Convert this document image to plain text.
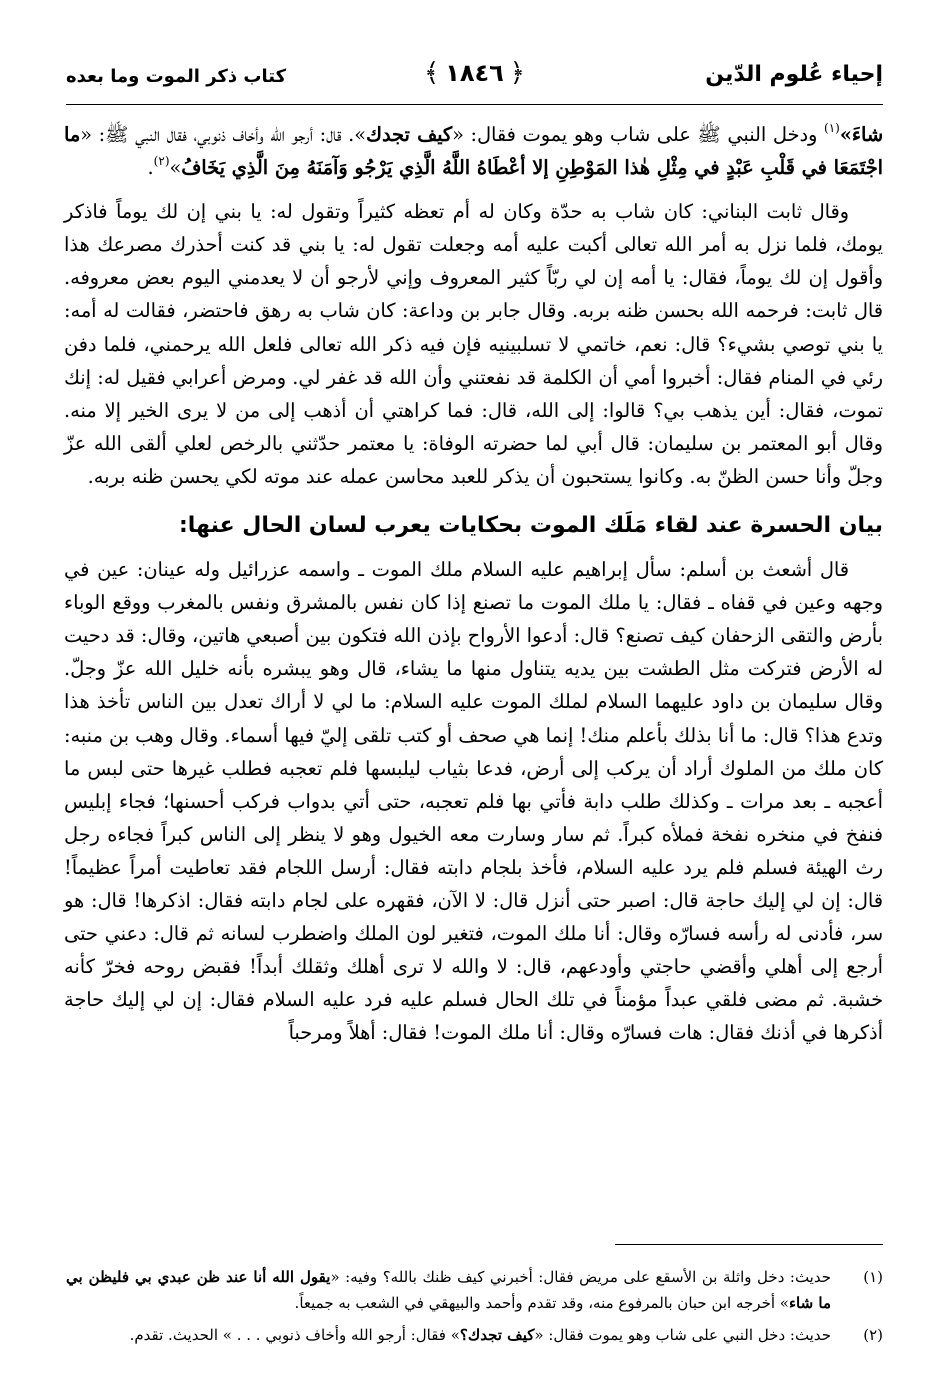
إحياء عُلوم الدّين
﴿
١٨٤٦
﴾
كتاب ذكر الموت وما بعده

شاءَ»$^{(١)}$ ودخل النبي ﷺ على شاب وهو يموت فقال: «كيف تجدك». قال: أرجو الله وأخاف ذنوبي، فقال النبي ﷺ: «ما اجْتَمَعَا في قَلْبِ عَبْدٍ في مِثْلِ هٰذا المَوْطِنِ إلا أعْطَاهُ اللَّهُ الَّذِي يَرْجُو وَآمَنَهُ مِنَ الَّذِي يَخَافُ»$^{(٢)}$.

وقال ثابت البناني: كان شاب به حدّة وكان له أم تعظه كثيراً وتقول له: يا بني إن لك يوماً فاذكر يومك، فلما نزل به أمر الله تعالى أكبت عليه أمه وجعلت تقول له: يا بني قد كنت أحذرك مصرعك هذا وأقول إن لك يوماً، فقال: يا أمه إن لي ربّاً كثير المعروف وإني لأرجو أن لا يعدمني اليوم بعض معروفه. قال ثابت: فرحمه الله بحسن ظنه بربه. وقال جابر بن وداعة: كان شاب به رهق فاحتضر، فقالت له أمه: يا بني توصي بشيء؟ قال: نعم، خاتمي لا تسلبينيه فإن فيه ذكر الله تعالى فلعل الله يرحمني، فلما دفن رئي في المنام فقال: أخبروا أمي أن الكلمة قد نفعتني وأن الله قد غفر لي. ومرض أعرابي فقيل له: إنك تموت، فقال: أين يذهب بي؟ قالوا: إلى الله، قال: فما كراهتي أن أذهب إلى من لا يرى الخير إلا منه. وقال أبو المعتمر بن سليمان: قال أبي لما حضرته الوفاة: يا معتمر حدّثني بالرخص لعلي ألقى الله عزّ وجلّ وأنا حسن الظنّ به. وكانوا يستحبون أن يذكر للعبد محاسن عمله عند موته لكي يحسن ظنه بربه.

بيان الحسرة عند لقاء مَلَك الموت بحكايات يعرب لسان الحال عنها:

قال أشعث بن أسلم: سأل إبراهيم عليه السلام ملك الموت ـ واسمه عزرائيل وله عينان: عين في وجهه وعين في قفاه ـ فقال: يا ملك الموت ما تصنع إذا كان نفس بالمشرق ونفس بالمغرب ووقع الوباء بأرض والتقى الزحفان كيف تصنع؟ قال: أدعوا الأرواح بإذن الله فتكون بين أصبعي هاتين، وقال: قد دحيت له الأرض فتركت مثل الطشت بين يديه يتناول منها ما يشاء، قال وهو يبشره بأنه خليل الله عزّ وجلّ. وقال سليمان بن داود عليهما السلام لملك الموت عليه السلام: ما لي لا أراك تعدل بين الناس تأخذ هذا وتدع هذا؟ قال: ما أنا بذلك بأعلم منك! إنما هي صحف أو كتب تلقى إليّ فيها أسماء. وقال وهب بن منبه: كان ملك من الملوك أراد أن يركب إلى أرض، فدعا بثياب ليلبسها فلم تعجبه فطلب غيرها حتى لبس ما أعجبه ـ بعد مرات ـ وكذلك طلب دابة فأتي بها فلم تعجبه، حتى أتي بدواب فركب أحسنها؛ فجاء إبليس فنفخ في منخره نفخة فملأه كبراً. ثم سار وسارت معه الخيول وهو لا ينظر إلى الناس كبراً فجاءه رجل رث الهيئة فسلم فلم يرد عليه السلام، فأخذ بلجام دابته فقال: أرسل اللجام فقد تعاطيت أمراً عظيماً! قال: إن لي إليك حاجة قال: اصبر حتى أنزل قال: لا الآن، فقهره على لجام دابته فقال: اذكرها! قال: هو سر، فأدنى له رأسه فسارّه وقال: أنا ملك الموت، فتغير لون الملك واضطرب لسانه ثم قال: دعني حتى أرجع إلى أهلي وأقضي حاجتي وأودعهم، قال: لا والله لا ترى أهلك وثقلك أبداً! فقبض روحه فخرّ كأنه خشبة. ثم مضى فلقي عبداً مؤمناً في تلك الحال فسلم عليه فرد عليه السلام فقال: إن لي إليك حاجة أذكرها في أذنك فقال: هات فسارّه وقال: أنا ملك الموت! فقال: أهلاً ومرحباً

(١)
حديث: دخل واثلة بن الأسقع على مريض فقال: أخبرني كيف ظنك بالله؟ وفيه: «يقول الله أنا عند ظن عبدي بي فليظن بي ما شاء» أخرجه ابن حبان بالمرفوع منه، وقد تقدم وأحمد والبيهقي في الشعب به جميعاً.
(٢)
حديث: دخل النبي على شاب وهو يموت فقال: «كيف تجدك؟» فقال: أرجو الله وأخاف ذنوبي . . . » الحديث. تقدم.
